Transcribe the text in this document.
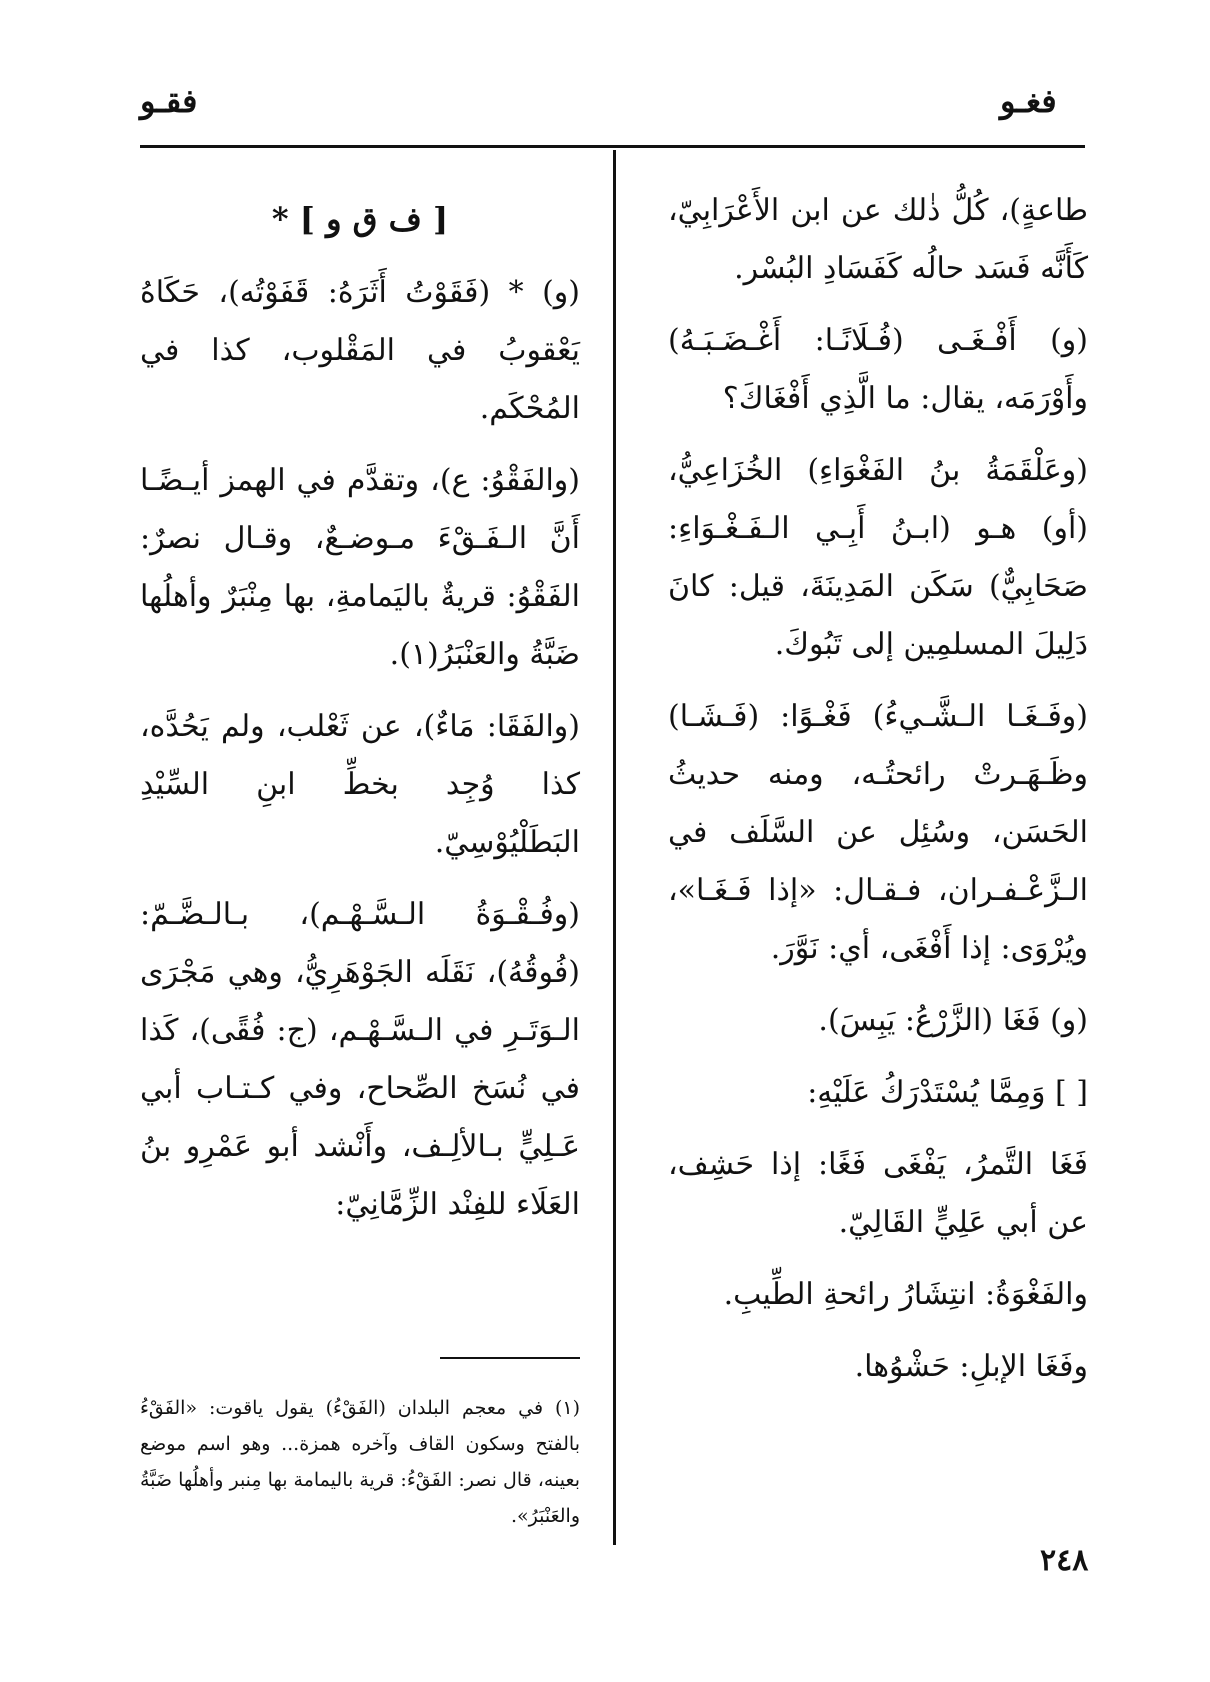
فغـو
فقـو

طاعةٍ)، كُلُّ ذٰلك عن ابن الأَعْرَابِيّ، كَأَنَّه فَسَد حالُه كَفَسَادِ البُسْر.

(و) أَفْـغَـى (فُـلَانًـا: أَغْـضَـبَـهُ) وأَوْرَمَه، يقال: ما الَّذِي أَفْغَاكَ؟

(وعَلْقَمَةُ بنُ الفَغْوَاءِ) الخُزَاعِيُّ، (أو) هـو (ابـنُ أَبِـي الـفَـغْـوَاءِ: صَحَابِيٌّ) سَكَن المَدِينَةَ، قيل: كانَ دَلِيلَ المسلمِين إلى تَبُوكَ.

(وفَـغَـا الـشَّـيءُ) فَغْـوًا: (فَـشَـا) وظَـهَـرتْ رائحتُـه، ومنه حديثُ الحَسَن، وسُئِل عن السَّلَف في الـزَّعْـفـران، فـقـال: «إذا فَـغَـا»، ويُرْوَى: إذا أَفْغَى، أي: نَوَّرَ.

(و) فَغَا (الزَّرْعُ: يَبِسَ).

[ ] وَمِمَّا يُسْتَدْرَكُ عَلَيْهِ:

فَغَا التَّمرُ، يَفْغَى فَغًا: إذا حَشِف، عن أبي عَلِيٍّ القَالِيّ.

والفَغْوَةُ: انتِشَارُ رائحةِ الطِّيبِ.

وفَغَا الإبلِ: حَشْوُها.

[ ف ق و ] *

(و) * (فَقَوْتُ أَثَرَهُ: قَفَوْتُه)، حَكَاهُ يَعْقوبُ في المَقْلوب، كذا في المُحْكَم.

(والفَقْوُ: ع)، وتقدَّم في الهمز أيـضًـا أَنَّ الـفَـقْءَ مـوضـعٌ، وقـال نصرٌ: الفَقْوُ: قريةٌ باليَمامةِ، بها مِنْبَرٌ وأهلُها ضَبَّةُ والعَنْبَرُ(١).

(والفَقَا: مَاءٌ)، عن ثَعْلب، ولم يَحُدَّه، كذا وُجِد بخطِّ ابنِ السِّيْدِ البَطَلْيُوْسِيّ.

(وفُـقْـوَةُ الـسَّـهْـم)، بـالـضَّـمّ: (فُوقُهُ)، نَقَلَه الجَوْهَرِيُّ، وهي مَجْرَى الـوَتَـرِ في الـسَّـهْـم، (ج: فُقًى)، كَذا في نُسَخ الصِّحاح، وفي كـتـاب أبي عَـلِيٍّ بـالألِـف، وأَنْشد أبو عَمْرِو بنُ العَلَاء للفِنْد الزِّمَّانِيّ:

(١) في معجم البلدان (الفَقْءُ) يقول ياقوت: «الفَقْءُ بالفتح وسكون القاف وآخره همزة... وهو اسم موضع بعينه، قال نصر: الفَقْءُ: قرية باليمامة بها مِنبر وأهلُها ضَبَّةُ والعَنْبَرُ».
٢٤٨
